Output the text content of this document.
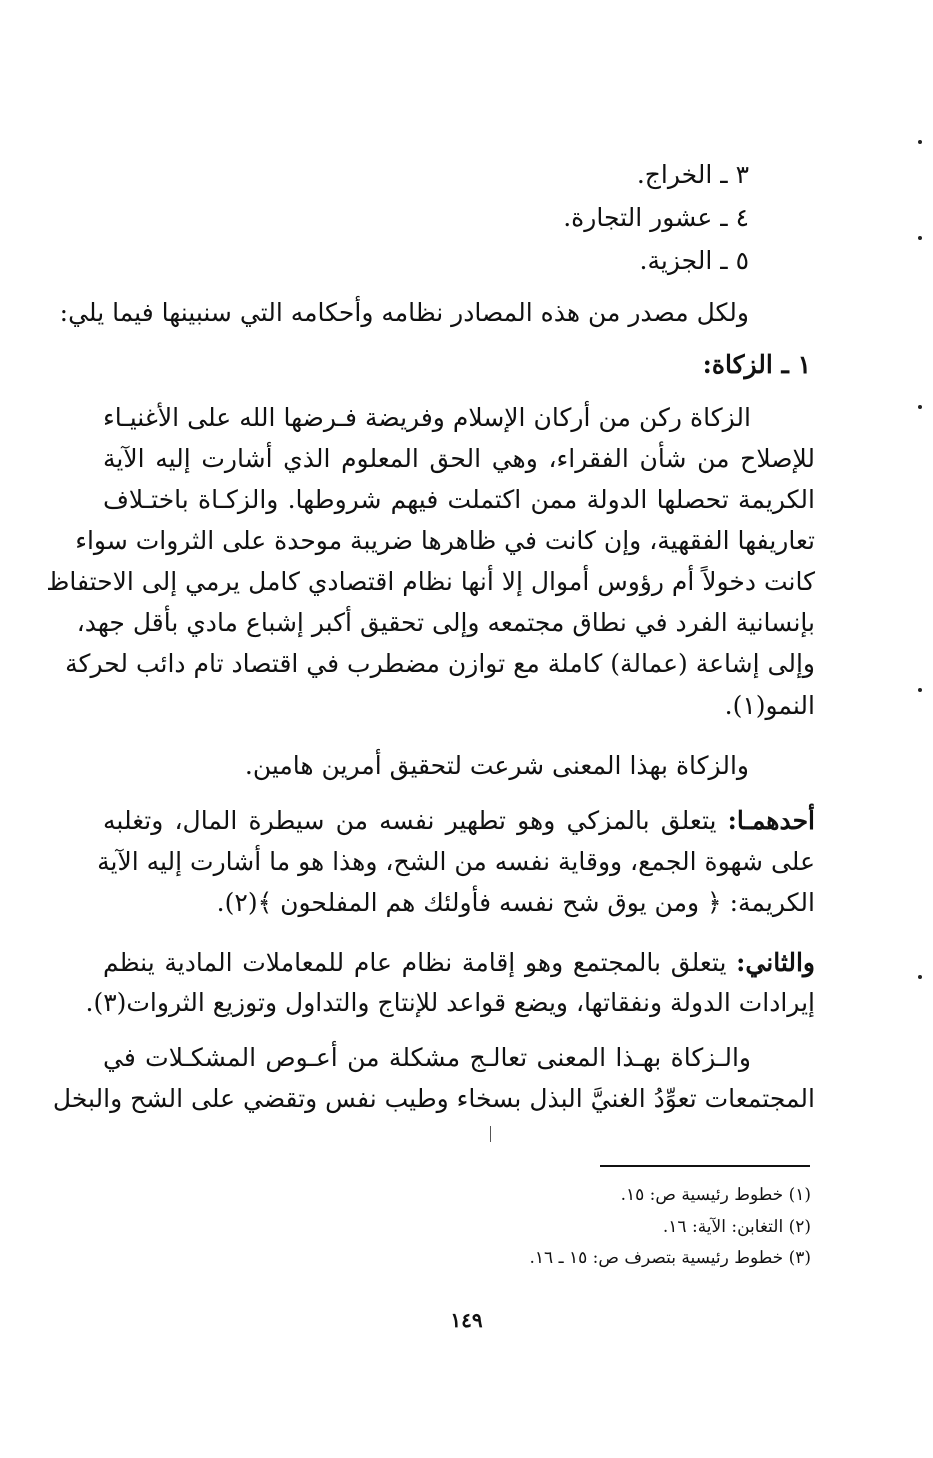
٣ ـ الخراج.
٤ ـ عشور التجارة.
٥ ـ الجزية.
ولكل مصدر من هذه المصادر نظامه وأحكامه التي سنبينها فيما يلي:
١ ـ الزكاة:
الزكاة ركن من أركان الإسلام وفريضة فـرضها الله على الأغنيـاء
للإصلاح من شأن الفقراء، وهي الحق المعلوم الذي أشارت إليه الآية
الكريمة تحصلها الدولة ممن اكتملت فيهم شروطها. والزكـاة باختـلاف
تعاريفها الفقهية، وإن كانت في ظاهرها ضريبة موحدة على الثروات سواء
كانت دخولاً أم رؤوس أموال إلا أنها نظام اقتصادي كامل يرمي إلى الاحتفاظ
بإنسانية الفرد في نطاق مجتمعه وإلى تحقيق أكبر إشباع مادي بأقل جهد،
وإلى إشاعة (عمالة) كاملة مع توازن مضطرب في اقتصاد تام دائب لحركة
النمو(١).
والزكاة بهذا المعنى شرعت لتحقيق أمرين هامين.
أحدهمـا: يتعلق بالمزكي وهو تطهير نفسه من سيطرة المال، وتغلبه
على شهوة الجمع، ووقاية نفسه من الشح، وهذا هو ما أشارت إليه الآية
الكريمة: ﴿ ومن يوق شح نفسه فأولئك هم المفلحون ﴾(٢).
والثاني: يتعلق بالمجتمع وهو إقامة نظام عام للمعاملات المادية ينظم
إيرادات الدولة ونفقاتها، ويضع قواعد للإنتاج والتداول وتوزيع الثروات(٣).
والـزكاة بهـذا المعنى تعالـج مشكلة من أعـوص المشكـلات في
المجتمعات تعوِّدُ الغنيَّ البذل بسخاء وطيب نفس وتقضي على الشح والبخل
(١) خطوط رئيسية ص: ١٥.
(٢) التغابن: الآية: ١٦.
(٣) خطوط رئيسية بتصرف ص: ١٥ ـ ١٦.
١٤٩
